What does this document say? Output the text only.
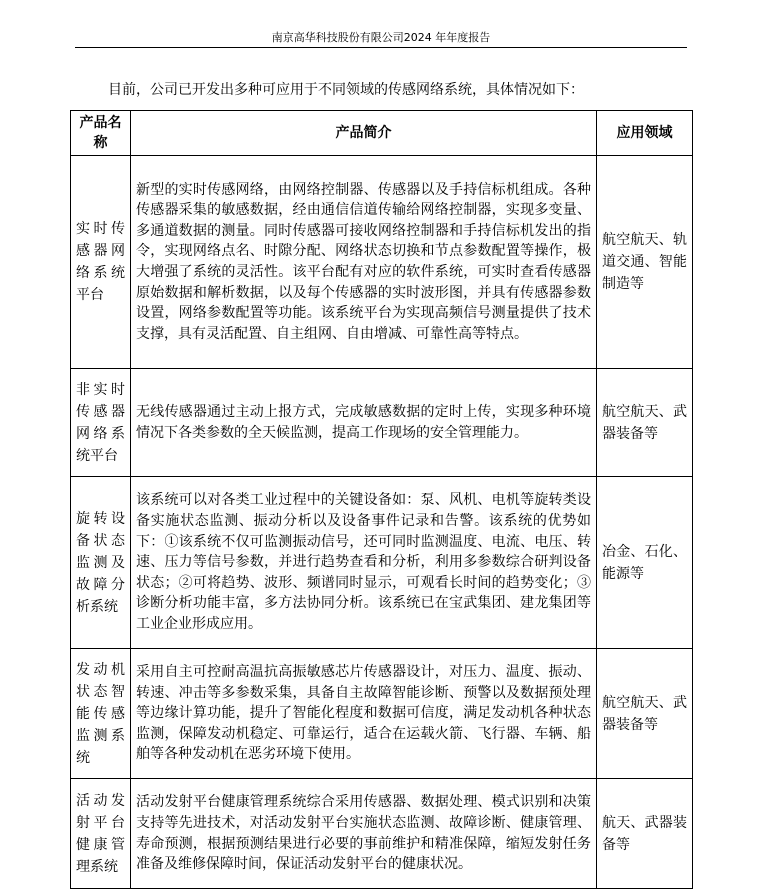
南京高华科技股份有限公司2024 年年度报告
目前，公司已开发出多种可应用于不同领域的传感网络系统，具体情况如下：
产品名称	产品简介	应用领域
实时传感器网络系统平台	新型的实时传感网络，由网络控制器、传感器以及手持信标机组成。各种传感器采集的敏感数据，经由通信信道传输给网络控制器，实现多变量、多通道数据的测量。同时传感器可接收网络控制器和手持信标机发出的指令，实现网络点名、时隙分配、网络状态切换和节点参数配置等操作，极大增强了系统的灵活性。该平台配有对应的软件系统，可实时查看传感器原始数据和解析数据，以及每个传感器的实时波形图，并具有传感器参数设置，网络参数配置等功能。该系统平台为实现高频信号测量提供了技术支撑，具有灵活配置、自主组网、自由增减、可靠性高等特点。	航空航天、轨道交通、智能制造等
非实时传感器网络系统平台	无线传感器通过主动上报方式，完成敏感数据的定时上传，实现多种环境情况下各类参数的全天候监测，提高工作现场的安全管理能力。	航空航天、武器装备等
旋转设备状态监测及故障分析系统	该系统可以对各类工业过程中的关键设备如：泵、风机、电机等旋转类设备实施状态监测、振动分析以及设备事件记录和告警。该系统的优势如下：①该系统不仅可监测振动信号，还可同时监测温度、电流、电压、转速、压力等信号参数，并进行趋势查看和分析，利用多参数综合研判设备状态；②可将趋势、波形、频谱同时显示，可观看长时间的趋势变化；③诊断分析功能丰富，多方法协同分析。该系统已在宝武集团、建龙集团等工业企业形成应用。	冶金、石化、能源等
发动机状态智能传感监测系统	采用自主可控耐高温抗高振敏感芯片传感器设计，对压力、温度、振动、转速、冲击等多参数采集，具备自主故障智能诊断、预警以及数据预处理等边缘计算功能，提升了智能化程度和数据可信度，满足发动机各种状态监测，保障发动机稳定、可靠运行，适合在运载火箭、飞行器、车辆、船舶等各种发动机在恶劣环境下使用。	航空航天、武器装备等
活动发射平台健康管理系统	活动发射平台健康管理系统综合采用传感器、数据处理、模式识别和决策支持等先进技术，对活动发射平台实施状态监测、故障诊断、健康管理、寿命预测，根据预测结果进行必要的事前维护和精准保障，缩短发射任务准备及维修保障时间，保证活动发射平台的健康状况。	航天、武器装备等
